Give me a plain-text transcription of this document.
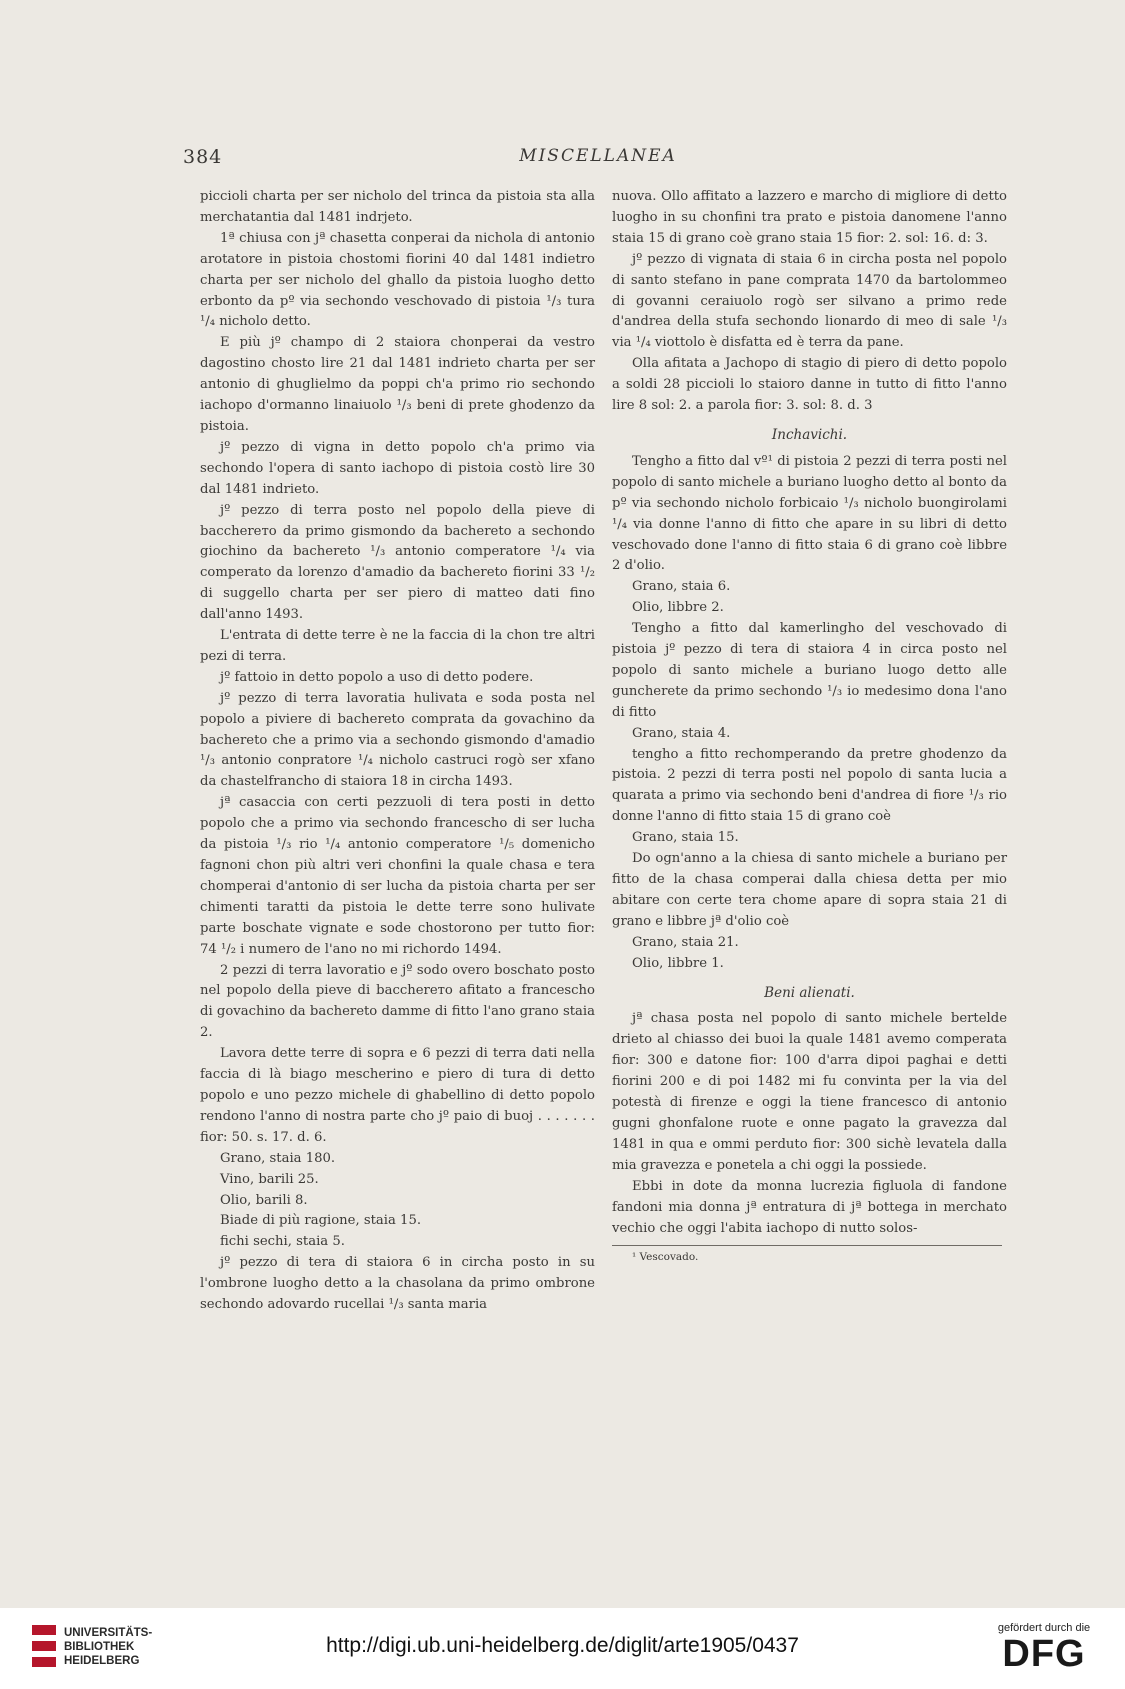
384	MISCELLANEA

piccioli charta per ser nicholo del trinca da pistoia sta alla merchatantia dal 1481 indrjeto.

1ª chiusa con jª chasetta conperai da nichola di antonio arotatore in pistoia chostomi fiorini 40 dal 1481 indietro charta per ser nicholo del ghallo da pistoia luogho detto erbonto da pº via sechondo veschovado di pistoia ¹/₃ tura ¹/₄ nicholo detto.

E più jº champo di 2 staiora chonperai da vestro dagostino chosto lire 21 dal 1481 indrieto charta per ser antonio di ghuglielmo da poppi ch'a primo rio sechondo iachopo d'ormanno linaiuolo ¹/₃ beni di prete ghodenzo da pistoia.

jº pezzo di vigna in detto popolo ch'a primo via sechondo l'opera di santo iachopo di pistoia costò lire 30 dal 1481 indrieto.

jº pezzo di terra posto nel popolo della pieve di baccherето da primo gismondo da bachereto a sechondo giochino da bachereto ¹/₃ antonio comperatore ¹/₄ via comperato da lorenzo d'amadio da bachereto fiorini 33 ¹/₂ di suggello charta per ser piero di matteo dati fino dall'anno 1493.

L'entrata di dette terre è ne la faccia di la chon tre altri pezi di terra.

jº fattoio in detto popolo a uso di detto podere.

jº pezzo di terra lavoratia hulivata e soda posta nel popolo a piviere di bachereto comprata da govachino da bachereto che a primo via a sechondo gismondo d'amadio ¹/₃ antonio conpratore ¹/₄ nicholo castruci rogò ser xfano da chastelfrancho di staiora 18 in circha 1493.

jª casaccia con certi pezzuoli di tera posti in detto popolo che a primo via sechondo francescho di ser lucha da pistoia ¹/₃ rio ¹/₄ antonio comperatore ¹/₅ domenicho fagnoni chon più altri veri chonfini la quale chasa e tera chomperai d'antonio di ser lucha da pistoia charta per ser chimenti taratti da pistoia le dette terre sono hulivate parte boschate vignate e sode chostorono per tutto fior: 74 ¹/₂ i numero de l'ano no mi richordo 1494.

2 pezzi di terra lavoratio e jº sodo overo boschato posto nel popolo della pieve di baccherето afitato a francescho di govachino da bachereto damme di fitto l'ano grano staia 2.

Lavora dette terre di sopra e 6 pezzi di terra dati nella faccia di là biago mescherino e piero di tura di detto popolo e uno pezzo michele di ghabellino di detto popolo rendono l'anno di nostra parte cho jº paio di buoj . . . . . . . fior: 50. s. 17. d. 6.

Grano, staia 180.

Vino, barili 25.

Olio, barili 8.

Biade di più ragione, staia 15.

fichi sechi, staia 5.

jº pezzo di tera di staiora 6 in circha posto in su l'ombrone luogho detto a la chasolana da primo ombrone sechondo adovardo rucellai ¹/₃ santa maria

nuova. Ollo affitato a lazzero e marcho di migliore di detto luogho in su chonfini tra prato e pistoia danomene l'anno staia 15 di grano coè grano staia 15 fior: 2. sol: 16. d: 3.

jº pezzo di vignata di staia 6 in circha posta nel popolo di santo stefano in pane comprata 1470 da bartolommeo di govanni ceraiuolo rogò ser silvano a primo rede d'andrea della stufa sechondo lionardo di meo di sale ¹/₃ via ¹/₄ viottolo è disfatta ed è terra da pane.

Olla afitata a Jachopo di stagio di piero di detto popolo a soldi 28 piccioli lo staioro danne in tutto di fitto l'anno lire 8 sol: 2. a parola fior: 3. sol: 8. d. 3

Inchavichi.

Tengho a fitto dal vº¹ di pistoia 2 pezzi di terra posti nel popolo di santo michele a buriano luogho detto al bonto da pº via sechondo nicholo forbicaio ¹/₃ nicholo buongirolami ¹/₄ via donne l'anno di fitto che apare in su libri di detto veschovado done l'anno di fitto staia 6 di grano coè libbre 2 d'olio.

Grano, staia 6.

Olio, libbre 2.

Tengho a fitto dal kamerlingho del veschovado di pistoia jº pezzo di tera di staiora 4 in circa posto nel popolo di santo michele a buriano luogo detto alle guncherete da primo sechondo ¹/₃ io medesimo dona l'ano di fitto

Grano, staia 4.

tengho a fitto rechomperando da pretre ghodenzo da pistoia. 2 pezzi di terra posti nel popolo di santa lucia a quarata a primo via sechondo beni d'andrea di fiore ¹/₃ rio donne l'anno di fitto staia 15 di grano coè

Grano, staia 15.

Do ogn'anno a la chiesa di santo michele a buriano per fitto de la chasa comperai dalla chiesa detta per mio abitare con certe tera chome apare di sopra staia 21 di grano e libbre jª d'olio coè

Grano, staia 21.

Olio, libbre 1.

Beni alienati.

jª chasa posta nel popolo di santo michele bertelde drieto al chiasso dei buoi la quale 1481 avemo comperata fior: 300 e datone fior: 100 d'arra dipoi paghai e detti fiorini 200 e di poi 1482 mi fu convinta per la via del potestà di firenze e oggi la tiene francesco di antonio gugni ghonfalone ruote e onne pagato la gravezza dal 1481 in qua e ommi perduto fior: 300 sichè levatela dalla mia gravezza e ponetela a chi oggi la possiede.

Ebbi in dote da monna lucrezia figluola di fandone fandoni mia donna jª entratura di jª bottega in merchato vechio che oggi l'abita iachopo di nutto solos-

¹ Vescovado.
UNIVERSITÄTS-
BIBLIOTHEK
HEIDELBERG
http://digi.ub.uni-heidelberg.de/diglit/arte1905/0437
gefördert durch die
DFG
